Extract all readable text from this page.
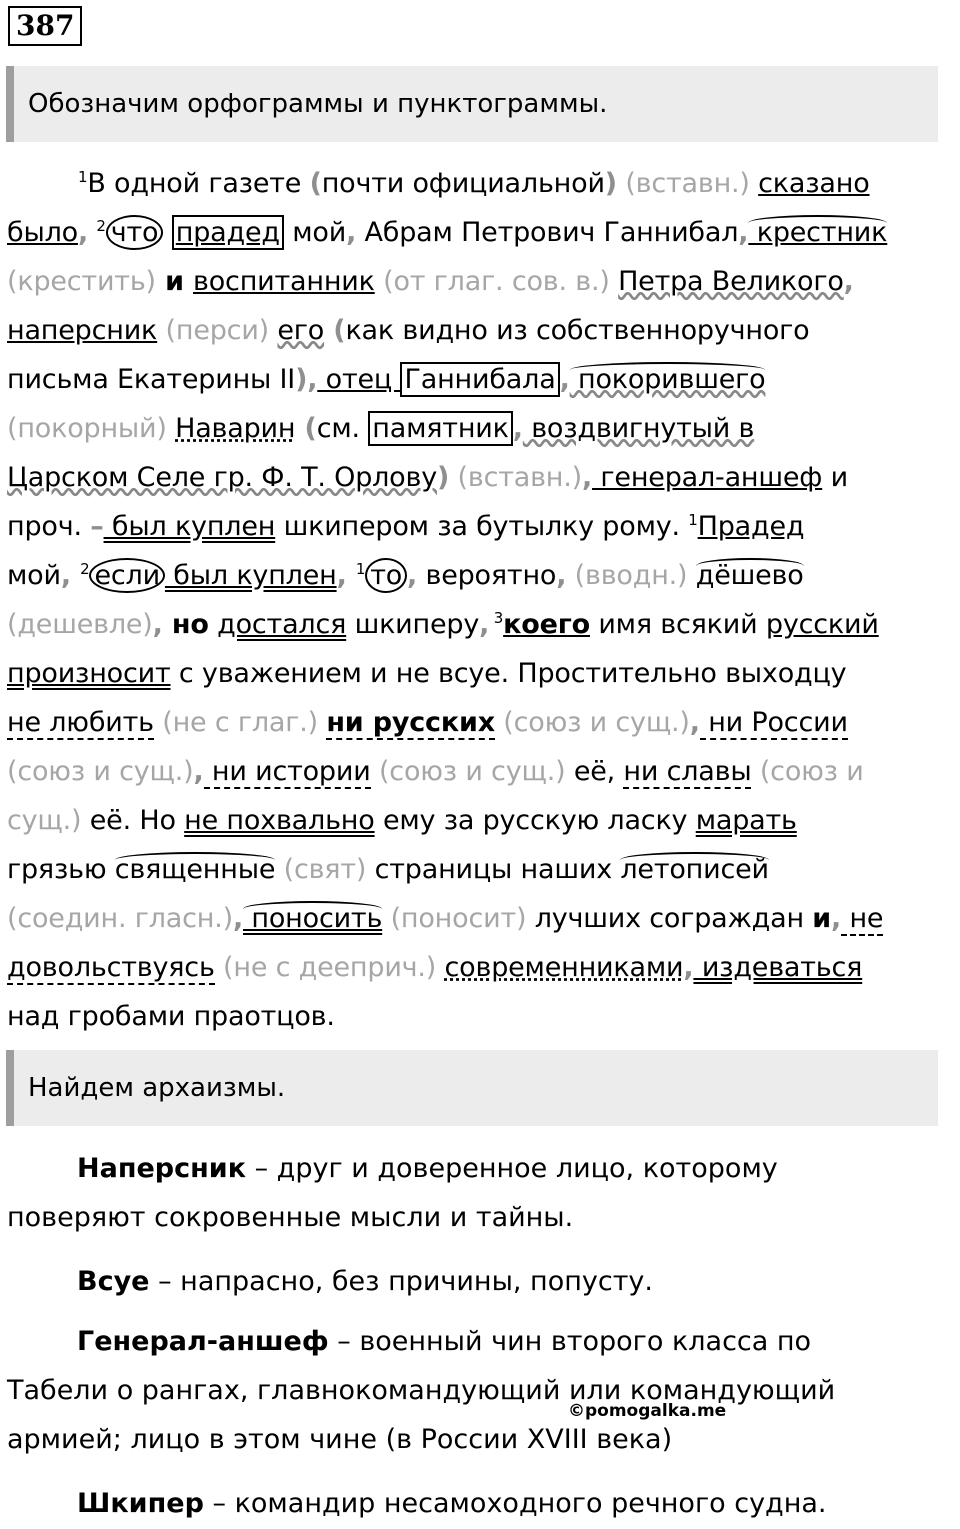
387
Обозначим орфограммы и пунктограммы.
$^1$В одной газете (почти официальной) (вставн.) сказано
было, $^2$ что прадед мой, Абрам Петрович Ганнибал, крестник
(крестить) и воспитанник (от глаг. сов. в.) Петра Великого,
наперсник (перси) его (как видно из собственноручного
письма Екатерины II), отец Ганнибала , покорившего
(покорный) Наварин (см. памятник , воздвигнутый в
Царском Селе гр. Ф. Т. Орлову) (вставн.), генерал-аншеф и
проч. – был куплен шкипером за бутылку рому. $^1$Прадед
мой, $^2$ если был куплен, $^1$ то , вероятно, (вводн.) дёшево
(дешевле), но достался шкиперу, $^3$коего имя всякий русский
произносит с уважением и не всуе. Простительно выходцу
не любить (не с глаг.) ни русских (союз и сущ.), ни России
(союз и сущ.), ни истории (союз и сущ.) её, ни славы (союз и
сущ.) её. Но не похвально ему за русскую ласку марать
грязью священные (свят) страницы наших летописей
(соедин. гласн.), поносить (поносит) лучших сограждан и, не
довольствуясь (не с дееприч.) современниками, издеваться
над гробами праотцов.
Найдем архаизмы.
Наперсник – друг и доверенное лицо, которому
поверяют сокровенные мысли и тайны.
Всуе – напрасно, без причины, попусту.
Генерал-аншеф – военный чин второго класса по
Табели о рангах, главнокомандующий или командующий
армией; лицо в этом чине (в России XVIII века)
Шкипер – командир несамоходного речного судна.
©pomogalka.me
